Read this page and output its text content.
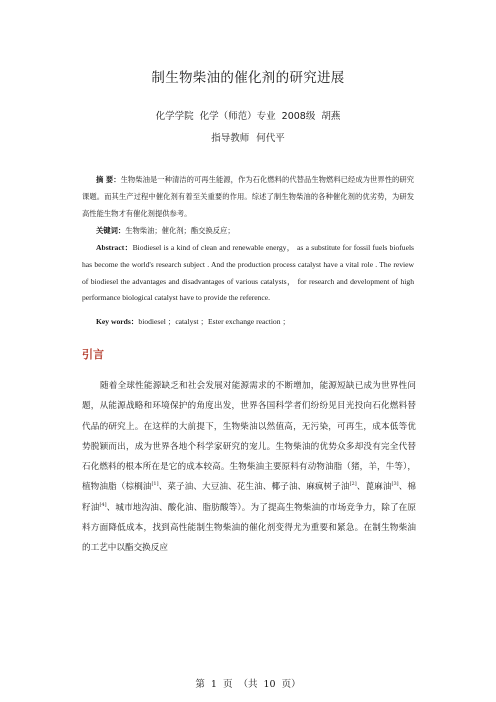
制生物柴油的催化剂的研究进展
化学学院 化学（师范）专业 2008级 胡燕
指导教师 何代平
摘 要：生物柴油是一种清洁的可再生能源，作为石化燃料的代替品生物燃料已经成为世界性的研究课题。而其生产过程中催化剂有着至关重要的作用。综述了制生物柴油的各种催化剂的优劣势，为研发高性能生物才有催化剂提供参考。
关键词：生物柴油；催化剂；酯交换反应；
Abstract：Biodiesel is a kind of clean and renewable energy， as a substitute for fossil fuels biofuels has become the world's research subject . And the production process catalyst have a vital role . The review of biodiesel the advantages and disadvantages of various catalysts， for research and development of high performance biological catalyst have to provide the reference.
Key words：biodiesel ；catalyst ；Ester exchange reaction ；
引言
随着全球性能源缺乏和社会发展对能源需求的不断增加，能源短缺已成为世界性问题，从能源战略和环境保护的角度出发，世界各国科学者们纷纷见目光投向石化燃料替代品的研究上。在这样的大前提下，生物柴油以然值高，无污染，可再生，成本低等优势脱颖而出，成为世界各地个科学家研究的宠儿。生物柴油的优势众多却没有完全代替石化燃料的根本所在是它的成本较高。生物柴油主要原料有动物油脂（猪，羊，牛等），植物油脂（棕榈油[1]、菜子油、大豆油、花生油、椰子油、麻疯树子油[2]、蓖麻油[3]、棉籽油[4]、城市地沟油、酸化油、脂肪酸等）。为了提高生物柴油的市场竞争力，除了在原料方面降低成本，找到高性能制生物柴油的催化剂变得尤为重要和紧急。在制生物柴油的工艺中以酯交换反应
第 1 页 （共 10 页）
